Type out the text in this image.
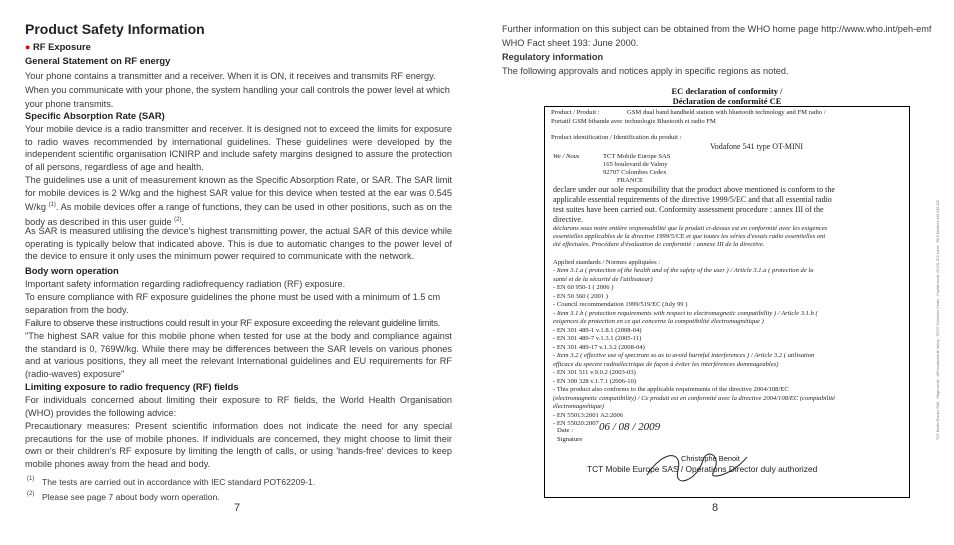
Product Safety Information
● RF Exposure
General Statement on RF energy
Your phone contains a transmitter and a receiver. When it is ON, it receives and transmits RF energy. When you communicate with your phone, the system handling your call controls the power level at which your phone transmits.
Specific Absorption Rate (SAR)
Your mobile device is a radio transmitter and receiver. It is designed not to exceed the limits for exposure to radio waves recommended by international guidelines. These guidelines were developed by the independent scientific organisation ICNIRP and include safety margins designed to assure the protection of all persons, regardless of age and health.
The guidelines use a unit of measurement known as the Specific Absorption Rate, or SAR. The SAR limit for mobile devices is 2 W/kg and the highest SAR value for this device when tested at the ear was 0.545 W/kg $^{(1)}$. As mobile devices offer a range of functions, they can be used in other positions, such as on the body as described in this user guide $^{(2)}$.
As SAR is measured utilising the device's highest transmitting power, the actual SAR of this device while operating is typically below that indicated above. This is due to automatic changes to the power level of the device to ensure it only uses the minimum power required to communicate with the network.
Body worn operation
Important safety information regarding radiofrequency radiation (RF) exposure.
To ensure compliance with RF exposure guidelines the phone must be used with a minimum of 1.5 cm separation from the body.
Failure to observe these instructions could result in your RF exposure exceeding the relevant guideline limits.
"The highest SAR value for this mobile phone when tested for use at the body and compliance against the standard is 0, 769W/kg. While there may be differences between the SAR levels on various phones and at various positions, they all meet the relevant International guidelines and EU requirements for RF (radio-waves) exposure"
Limiting exposure to radio frequency (RF) fields
For individuals concerned about limiting their exposure to RF fields, the World Health Organisation (WHO) provides the following advice:
Precautionary measures: Present scientific information does not indicate the need for any special precautions for the use of mobile phones. If individuals are concerned, they might choose to limit their own or their children's RF exposure by limiting the length of calls, or using 'hands-free' devices to keep mobile phones away from the head and body.
(1) The tests are carried out in accordance with IEC standard POT62209-1.
(2) Please see page 7 about body worn operation.
7
Further information on this subject can be obtained from the WHO home page http://www.who.int/peh-emf WHO Fact sheet 193: June 2000.
Regulatory information
The following approvals and notices apply in specific regions as noted.
8
EC declaration of conformity /
Déclaration de conformité CE
Product / Produit :	GSM dual band handheld station with bluetooth technology and FM radio /
Portatif GSM bibande avec technologie Bluetooth et radio FM
Product identification / Identification du produit :
Vodafone 541 type OT-MINI
We / Nous	TCT Mobile Europe SAS
165 boulevard de Valmy
92707 Colombes Cedex
FRANCE
declare under our sole responsibility that the product above mentioned is conform to the
applicable essential requirements of the directive 1999/5/EC and that all essential radio
test suites have been carried out. Conformity assessment procedure : annex III of the
directive.
déclarons sous notre entière responsabilité que le produit ci-dessus est en conformité avec les exigences
essentielles applicables de la directive 1999/5/CE et que toutes les séries d'essais radio essentielles ont
été effectuées. Procédure d'évaluation de conformité : annexe III de la directive.
Applied standards / Normes appliquées :
- Item 3.1.a ( protection of the health and of the safety of the user ) / Article 3.1.a ( protection de la
santé et de la sécurité de l'utilisateur)
- EN 60 950-1 ( 2006 )
- EN 50 360 ( 2001 )
- Council recommendation 1999/519/EC (July 99 )
- Item 3.1.b ( protection requirements with respect to electromagnetic compatibility ) / Article 3.1.b (
exigences de protection en ce qui concerne la compatibilité électromagnétique )
- EN 301 489-1 v.1.8.1 (2008-04)
- EN 301 489-7 v.1.3.1 (2005-11)
- EN 301 489-17 v.1.3.2 (2008-04)
- Item 3.2 ( effective use of spectrum so as to avoid harmful interferences ) / Article 3.2 ( utilisation
efficace du spectre radioélectrique de façon à éviter les interférences dommageables)
- EN 301 511 v.9.0.2 (2003-03)
- EN 300 328 v.1.7.1 (2006-10)
- This product also conforms to the applicable requirements of the directive 2004/108/EC
(electromagnetic compatibility) / Ce produit est en conformité avec la directive 2004/108/EC (comptabilité
électromagnétique)
- EN 55013:2001 A2:2006
- EN 55020:2007
Date : 06 / 08 / 2009
Signature
Christophe Benoit
TCT Mobile Europe SAS / Operations Director duly authorized
TCT Mobile Europe SAS - Siège social : 165 boulevard de Valmy - 92707 Colombes Cedex - Capital social: 23 031 072 euros - RCS Nanterre 440 038 222
